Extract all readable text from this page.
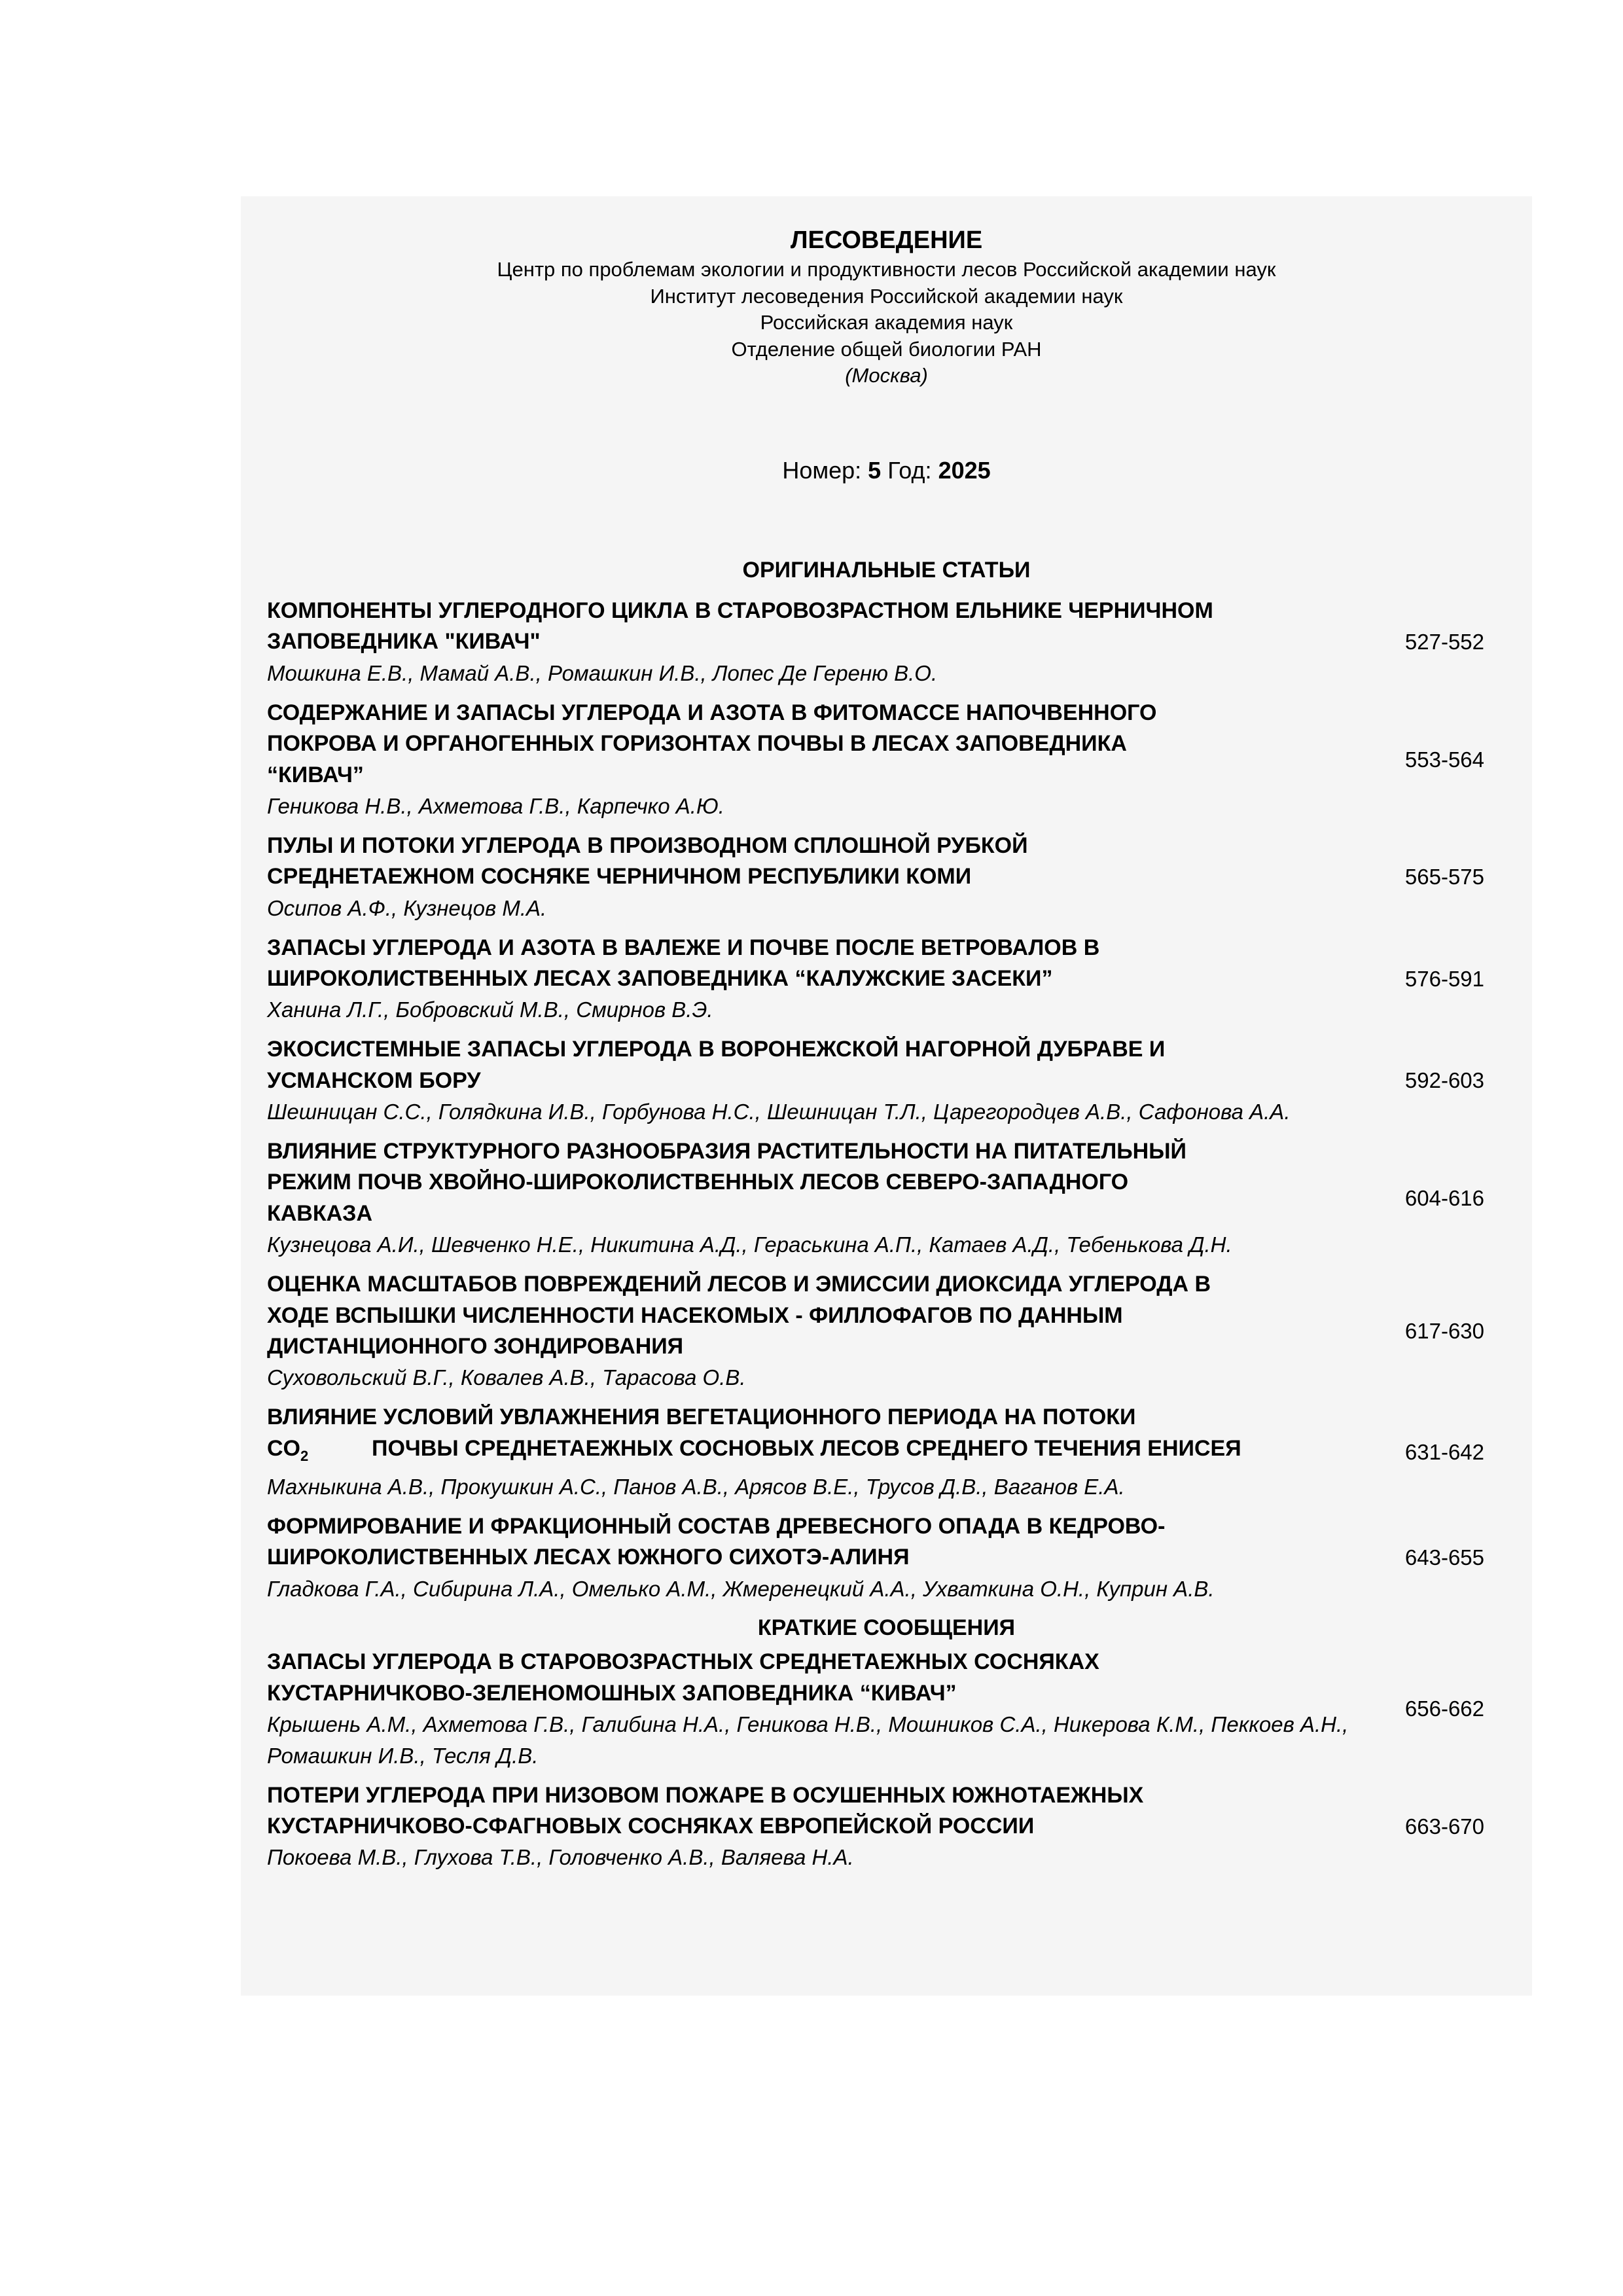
ЛЕСОВЕДЕНИЕ
Центр по проблемам экологии и продуктивности лесов Российской академии наук
Институт лесоведения Российской академии наук
Российская академия наук
Отделение общей биологии РАН
(Москва)
Номер: 5 Год: 2025
ОРИГИНАЛЬНЫЕ СТАТЬИ
КОМПОНЕНТЫ УГЛЕРОДНОГО ЦИКЛА В СТАРОВОЗРАСТНОМ ЕЛЬНИКЕ ЧЕРНИЧНОМ
ЗАПОВЕДНИКА "КИВАЧ"
Мошкина Е.В., Мамай А.В., Ромашкин И.В., Лопес Де Гереню В.О.
527-552
СОДЕРЖАНИЕ И ЗАПАСЫ УГЛЕРОДА И АЗОТА В ФИТОМАССЕ НАПОЧВЕННОГО
ПОКРОВА И ОРГАНОГЕННЫХ ГОРИЗОНТАХ ПОЧВЫ В ЛЕСАХ ЗАПОВЕДНИКА
“КИВАЧ”
Геникова Н.В., Ахметова Г.В., Карпечко А.Ю.
553-564
ПУЛЫ И ПОТОКИ УГЛЕРОДА В ПРОИЗВОДНОМ СПЛОШНОЙ РУБКОЙ
СРЕДНЕТАЕЖНОМ СОСНЯКЕ ЧЕРНИЧНОМ РЕСПУБЛИКИ КОМИ
Осипов А.Ф., Кузнецов М.А.
565-575
ЗАПАСЫ УГЛЕРОДА И АЗОТА В ВАЛЕЖЕ И ПОЧВЕ ПОСЛЕ ВЕТРОВАЛОВ В
ШИРОКОЛИСТВЕННЫХ ЛЕСАХ ЗАПОВЕДНИКА “КАЛУЖСКИЕ ЗАСЕКИ”
Ханина Л.Г., Бобровский М.В., Смирнов В.Э.
576-591
ЭКОСИСТЕМНЫЕ ЗАПАСЫ УГЛЕРОДА В ВОРОНЕЖСКОЙ НАГОРНОЙ ДУБРАВЕ И
УСМАНСКОМ БОРУ
Шешницан С.С., Голядкина И.В., Горбунова Н.С., Шешницан Т.Л., Царегородцев А.В., Сафонова А.А.
592-603
ВЛИЯНИЕ СТРУКТУРНОГО РАЗНООБРАЗИЯ РАСТИТЕЛЬНОСТИ НА ПИТАТЕЛЬНЫЙ
РЕЖИМ ПОЧВ ХВОЙНО-ШИРОКОЛИСТВЕННЫХ ЛЕСОВ СЕВЕРО-ЗАПАДНОГО
КАВКАЗА
Кузнецова А.И., Шевченко Н.Е., Никитина А.Д., Гераськина А.П., Катаев А.Д., Тебенькова Д.Н.
604-616
ОЦЕНКА МАСШТАБОВ ПОВРЕЖДЕНИЙ ЛЕСОВ И ЭМИССИИ ДИОКСИДА УГЛЕРОДА В
ХОДЕ ВСПЫШКИ ЧИСЛЕННОСТИ НАСЕКОМЫХ - ФИЛЛОФАГОВ ПО ДАННЫМ
ДИСТАНЦИОННОГО ЗОНДИРОВАНИЯ
Суховольский В.Г., Ковалев А.В., Тарасова О.В.
617-630
ВЛИЯНИЕ УСЛОВИЙ УВЛАЖНЕНИЯ ВЕГЕТАЦИОННОГО ПЕРИОДА НА ПОТОКИ
$CO_2$	ПОЧВЫ СРЕДНЕТАЕЖНЫХ СОСНОВЫХ ЛЕСОВ СРЕДНЕГО ТЕЧЕНИЯ ЕНИСЕЯ
Махныкина А.В., Прокушкин А.С., Панов А.В., Арясов В.Е., Трусов Д.В., Ваганов Е.А.
631-642
ФОРМИРОВАНИЕ И ФРАКЦИОННЫЙ СОСТАВ ДРЕВЕСНОГО ОПАДА В КЕДРОВО-
ШИРОКОЛИСТВЕННЫХ ЛЕСАХ ЮЖНОГО СИХОТЭ-АЛИНЯ
Гладкова Г.А., Сибирина Л.А., Омелько А.М., Жмеренецкий А.А., Ухваткина О.Н., Куприн А.В.
643-655
КРАТКИЕ СООБЩЕНИЯ
ЗАПАСЫ УГЛЕРОДА В СТАРОВОЗРАСТНЫХ СРЕДНЕТАЕЖНЫХ СОСНЯКАХ
КУСТАРНИЧКОВО-ЗЕЛЕНОМОШНЫХ ЗАПОВЕДНИКА “КИВАЧ”
Крышень А.М., Ахметова Г.В., Галибина Н.А., Геникова Н.В., Мошников С.А., Никерова К.М., Пеккоев А.Н., Ромашкин И.В., Тесля Д.В.
656-662
ПОТЕРИ УГЛЕРОДА ПРИ НИЗОВОМ ПОЖАРЕ В ОСУШЕННЫХ ЮЖНОТАЕЖНЫХ
КУСТАРНИЧКОВО-СФАГНОВЫХ СОСНЯКАХ ЕВРОПЕЙСКОЙ РОССИИ
Покоева М.В., Глухова Т.В., Головченко А.В., Валяева Н.А.
663-670
